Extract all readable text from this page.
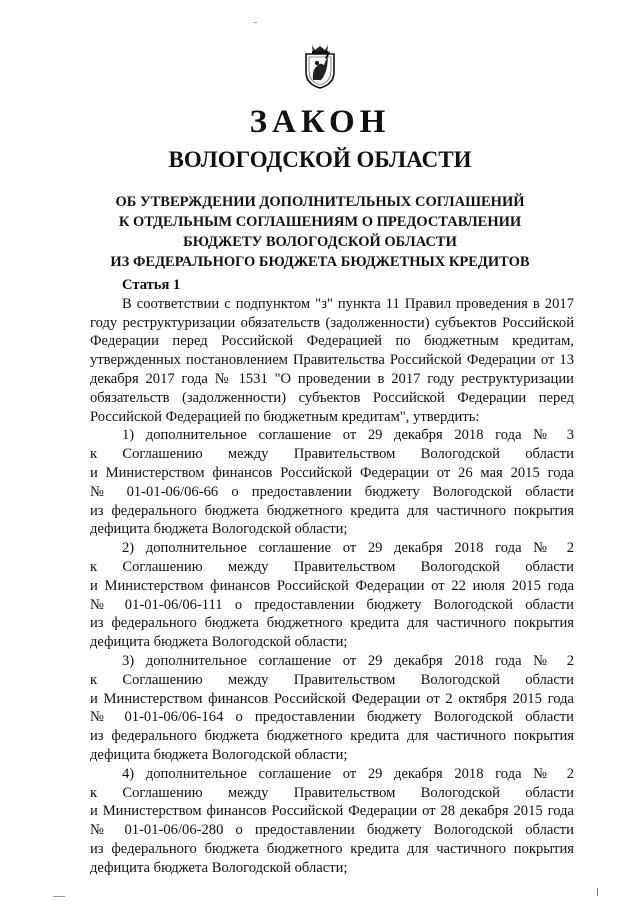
ЗАКОН
ВОЛОГОДСКОЙ ОБЛАСТИ
ОБ УТВЕРЖДЕНИИ ДОПОЛНИТЕЛЬНЫХ СОГЛАШЕНИЙ
К ОТДЕЛЬНЫМ СОГЛАШЕНИЯМ О ПРЕДОСТАВЛЕНИИ
БЮДЖЕТУ ВОЛОГОДСКОЙ ОБЛАСТИ
ИЗ ФЕДЕРАЛЬНОГО БЮДЖЕТА БЮДЖЕТНЫХ КРЕДИТОВ
Статья 1

В соответствии с подпунктом "з" пункта 11 Правил проведения в 2017 году реструктуризации обязательств (задолженности) субъектов Российской Федерации перед Российской Федерацией по бюджетным кредитам, утвержденных постановлением Правительства Российской Федерации от 13 декабря 2017 года № 1531 "О проведении в 2017 году реструктуризации обязательств (задолженности) субъектов Российской Федерации перед Российской Федерацией по бюджетным кредитам", утвердить:

1) дополнительное соглашение от 29 декабря 2018 года № 3
к Соглашению между Правительством Вологодской области
и Министерством финансов Российской Федерации от 26 мая 2015 года
№ 01-01-06/06-66 о предоставлении бюджету Вологодской области
из федерального бюджета бюджетного кредита для частичного покрытия
дефицита бюджета Вологодской области;
2) дополнительное соглашение от 29 декабря 2018 года № 2
к Соглашению между Правительством Вологодской области
и Министерством финансов Российской Федерации от 22 июля 2015 года
№ 01-01-06/06-111 о предоставлении бюджету Вологодской области
из федерального бюджета бюджетного кредита для частичного покрытия
дефицита бюджета Вологодской области;
3) дополнительное соглашение от 29 декабря 2018 года № 2
к Соглашению между Правительством Вологодской области
и Министерством финансов Российской Федерации от 2 октября 2015 года
№ 01-01-06/06-164 о предоставлении бюджету Вологодской области
из федерального бюджета бюджетного кредита для частичного покрытия
дефицита бюджета Вологодской области;
4) дополнительное соглашение от 29 декабря 2018 года № 2
к Соглашению между Правительством Вологодской области
и Министерством финансов Российской Федерации от 28 декабря 2015 года
№ 01-01-06/06-280 о предоставлении бюджету Вологодской области
из федерального бюджета бюджетного кредита для частичного покрытия
дефицита бюджета Вологодской области;
